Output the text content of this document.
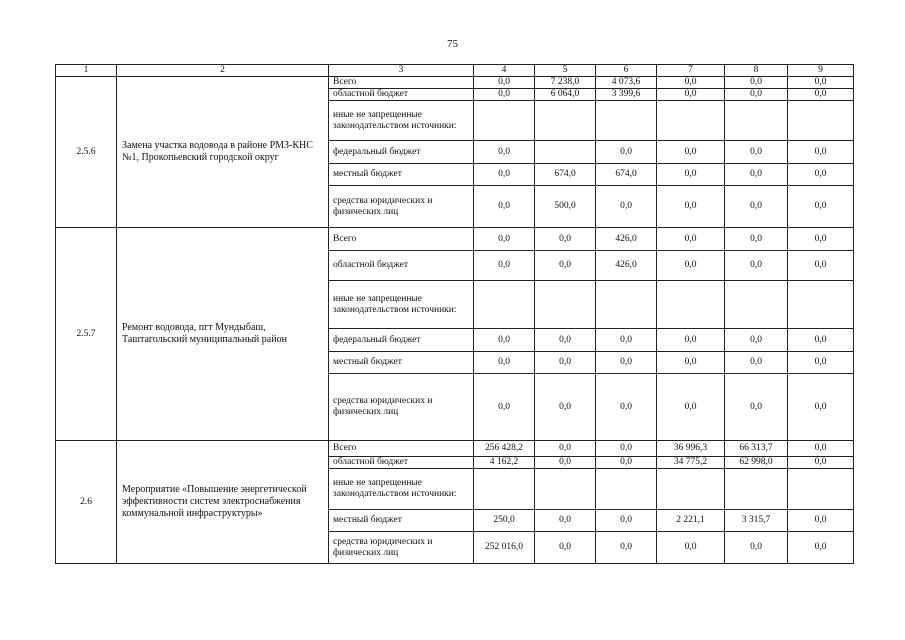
75
1	2	3	4	5	6	7	8	9
2.5.6	Замена участка водовода в районе РМЗ-КНС №1, Прокопьевский городской округ	Всего	0,0	7 238,0	4 073,6	0,0	0,0	0,0
		областной бюджет	0,0	6 064,0	3 399,6	0,0	0,0	0,0
		иные не запрещенные законодательством источники:						
		федеральный бюджет	0,0		0,0	0,0	0,0	0,0
		местный бюджет	0,0	674,0	674,0	0,0	0,0	0,0
		средства юридических и физических лиц	0,0	500,0	0,0	0,0	0,0	0,0
2.5.7	Ремонт водовода, пгт Мундыбаш, Таштагольский муниципальный район	Всего	0,0	0,0	426,0	0,0	0,0	0,0
		областной бюджет	0,0	0,0	426,0	0,0	0,0	0,0
		иные не запрещенные законодательством источники:						
		федеральный бюджет	0,0	0,0	0,0	0,0	0,0	0,0
		местный бюджет	0,0	0,0	0,0	0,0	0,0	0,0
		средства юридических и физических лиц	0,0	0,0	0,0	0,0	0,0	0,0
2.6	Мероприятие «Повышение энергетической эффективности систем электроснабжения коммунальной инфраструктуры»	Всего	256 428,2	0,0	0,0	36 996,3	66 313,7	0,0
		областной бюджет	4 162,2	0,0	0,0	34 775,2	62 998,0	0,0
		иные не запрещенные законодательством источники:						
		местный бюджет	250,0	0,0	0,0	2 221,1	3 315,7	0,0
		средства юридических и физических лиц	252 016,0	0,0	0,0	0,0	0,0	0,0
